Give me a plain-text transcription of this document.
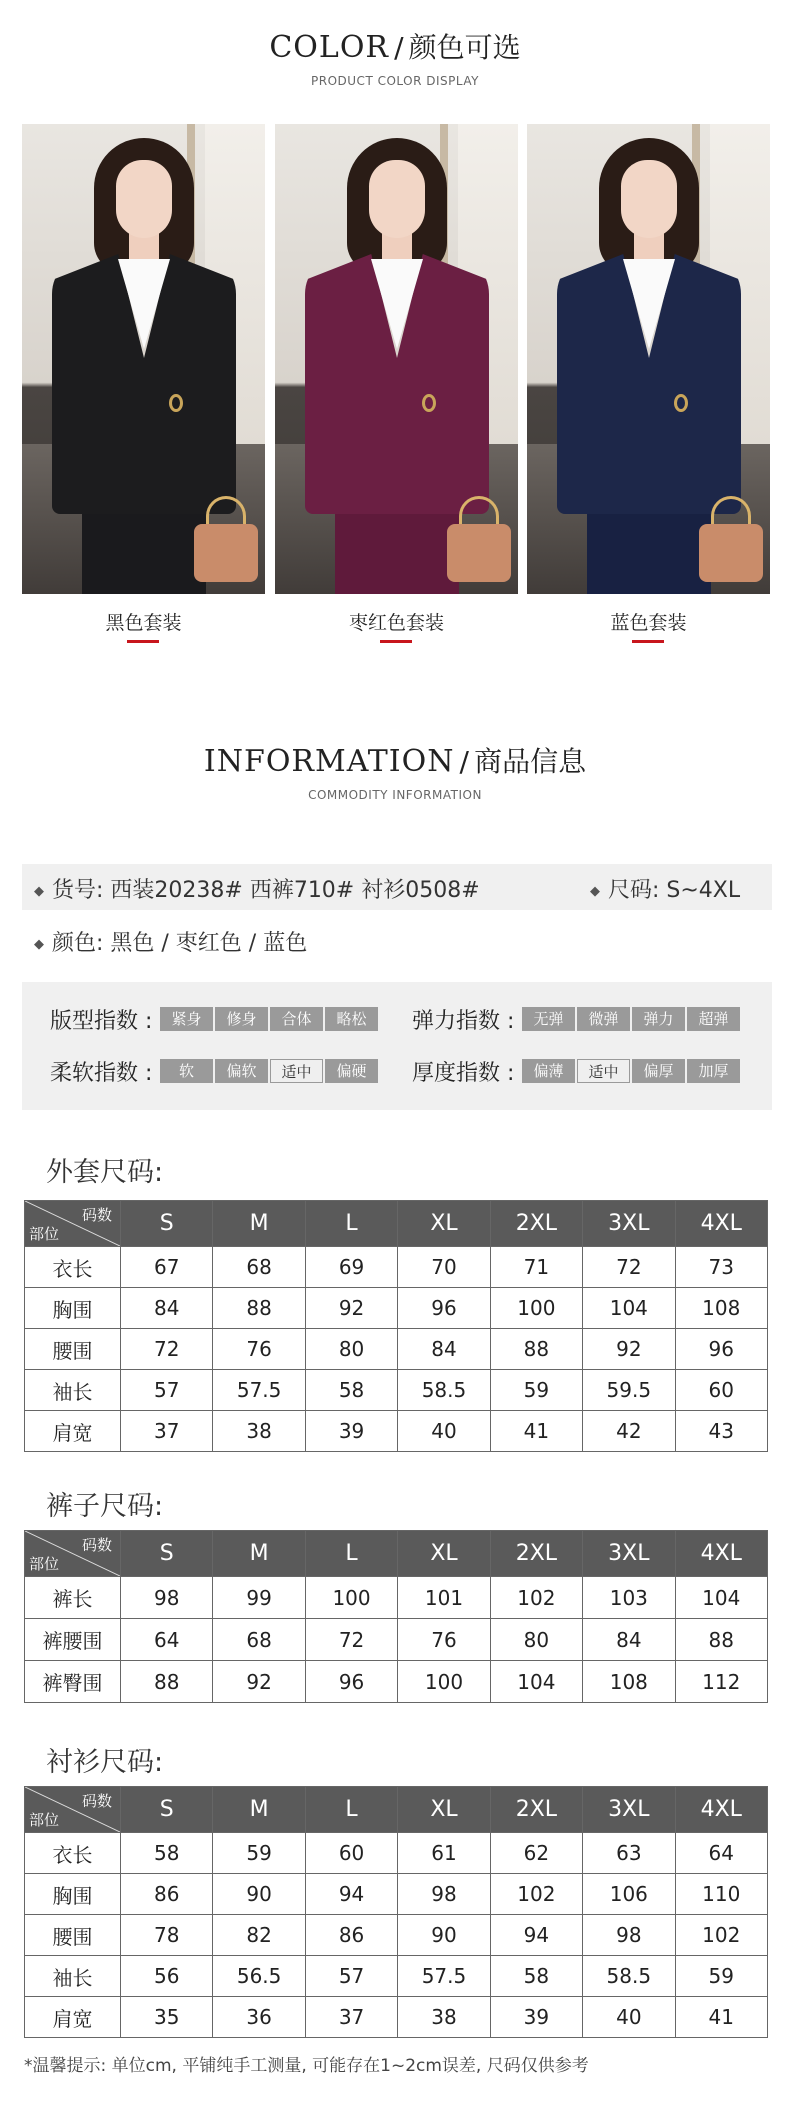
COLOR / 颜色可选
PRODUCT COLOR DISPLAY
黑色套装	枣红色套装	蓝色套装
INFORMATION / 商品信息
COMMODITY INFORMATION
◆ 货号: 西装20238# 西裤710# 衬衫0508#	◆ 尺码: S~4XL
◆ 颜色: 黑色 / 枣红色 / 蓝色
版型指数 :	紧身	修身	合体	略松	弹力指数 :	无弹	微弹	弹力	超弹
柔软指数 :	软	偏软	适中	偏硬	厚度指数 :	偏薄	适中	偏厚	加厚
外套尺码:
码数
部位	S	M	L	XL	2XL	3XL	4XL
衣长	67	68	69	70	71	72	73
胸围	84	88	92	96	100	104	108
腰围	72	76	80	84	88	92	96
袖长	57	57.5	58	58.5	59	59.5	60
肩宽	37	38	39	40	41	42	43
裤子尺码:
码数
部位	S	M	L	XL	2XL	3XL	4XL
裤长	98	99	100	101	102	103	104
裤腰围	64	68	72	76	80	84	88
裤臀围	88	92	96	100	104	108	112
衬衫尺码:
码数
部位	S	M	L	XL	2XL	3XL	4XL
衣长	58	59	60	61	62	63	64
胸围	86	90	94	98	102	106	110
腰围	78	82	86	90	94	98	102
袖长	56	56.5	57	57.5	58	58.5	59
肩宽	35	36	37	38	39	40	41
*温馨提示: 单位cm, 平铺纯手工测量, 可能存在1~2cm误差, 尺码仅供参考
